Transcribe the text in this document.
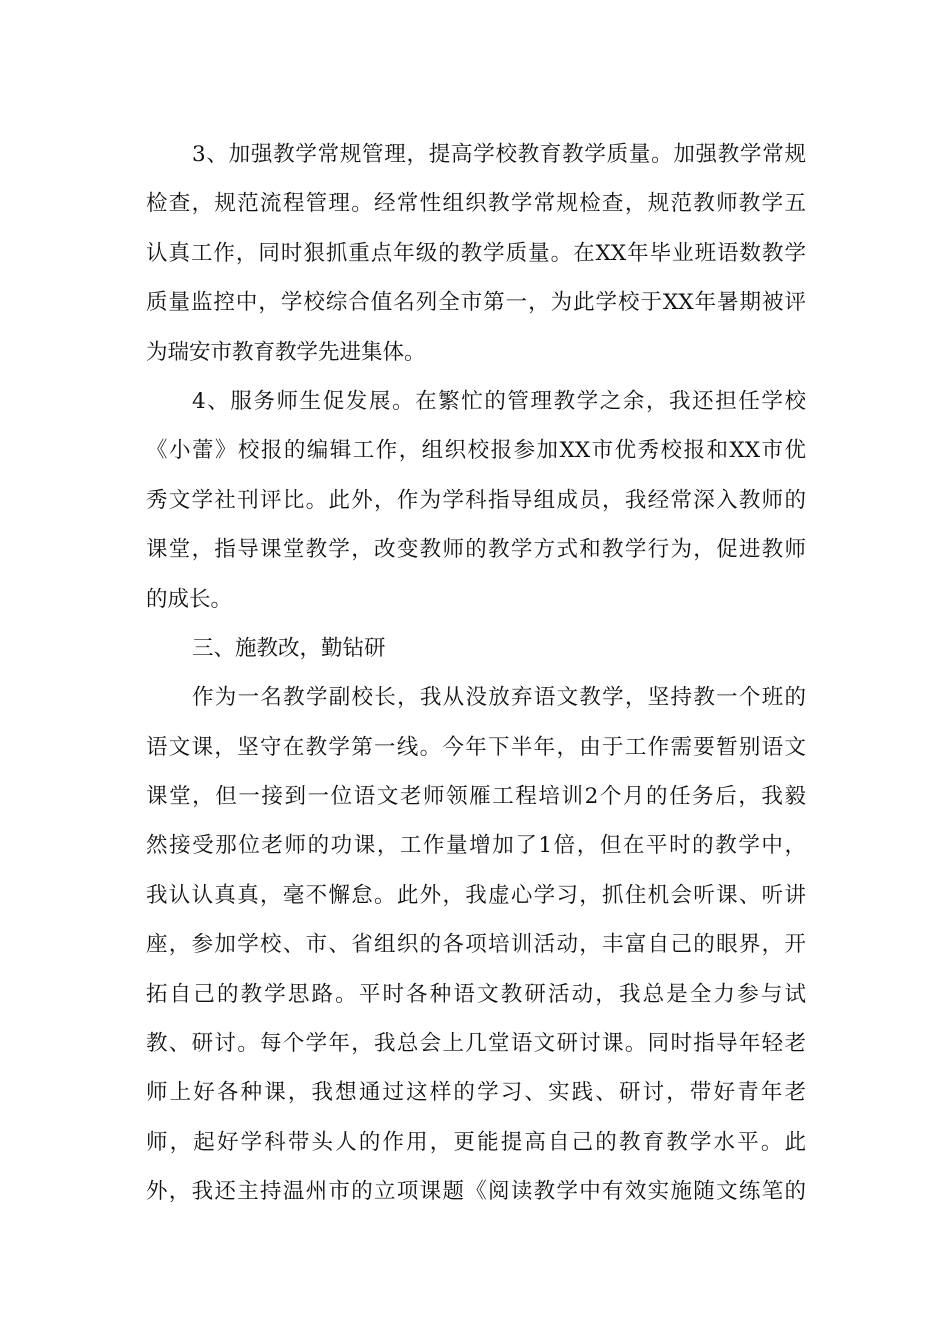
3、加强教学常规管理，提高学校教育教学质量。加强教学常规
检查，规范流程管理。经常性组织教学常规检查，规范教师教学五
认真工作，同时狠抓重点年级的教学质量。在XX年毕业班语数教学
质量监控中，学校综合值名列全市第一，为此学校于XX年暑期被评
为瑞安市教育教学先进集体。
4、服务师生促发展。在繁忙的管理教学之余，我还担任学校
《小蕾》校报的编辑工作，组织校报参加XX市优秀校报和XX市优
秀文学社刊评比。此外，作为学科指导组成员，我经常深入教师的
课堂，指导课堂教学，改变教师的教学方式和教学行为，促进教师
的成长。
三、施教改，勤钻研
作为一名教学副校长，我从没放弃语文教学，坚持教一个班的
语文课，坚守在教学第一线。今年下半年，由于工作需要暂别语文
课堂，但一接到一位语文老师领雁工程培训2个月的任务后，我毅
然接受那位老师的功课，工作量增加了1倍，但在平时的教学中，
我认认真真，毫不懈怠。此外，我虚心学习，抓住机会听课、听讲
座，参加学校、市、省组织的各项培训活动，丰富自己的眼界，开
拓自己的教学思路。平时各种语文教研活动，我总是全力参与试
教、研讨。每个学年，我总会上几堂语文研讨课。同时指导年轻老
师上好各种课，我想通过这样的学习、实践、研讨，带好青年老
师，起好学科带头人的作用，更能提高自己的教育教学水平。此
外，我还主持温州市的立项课题《阅读教学中有效实施随文练笔的
